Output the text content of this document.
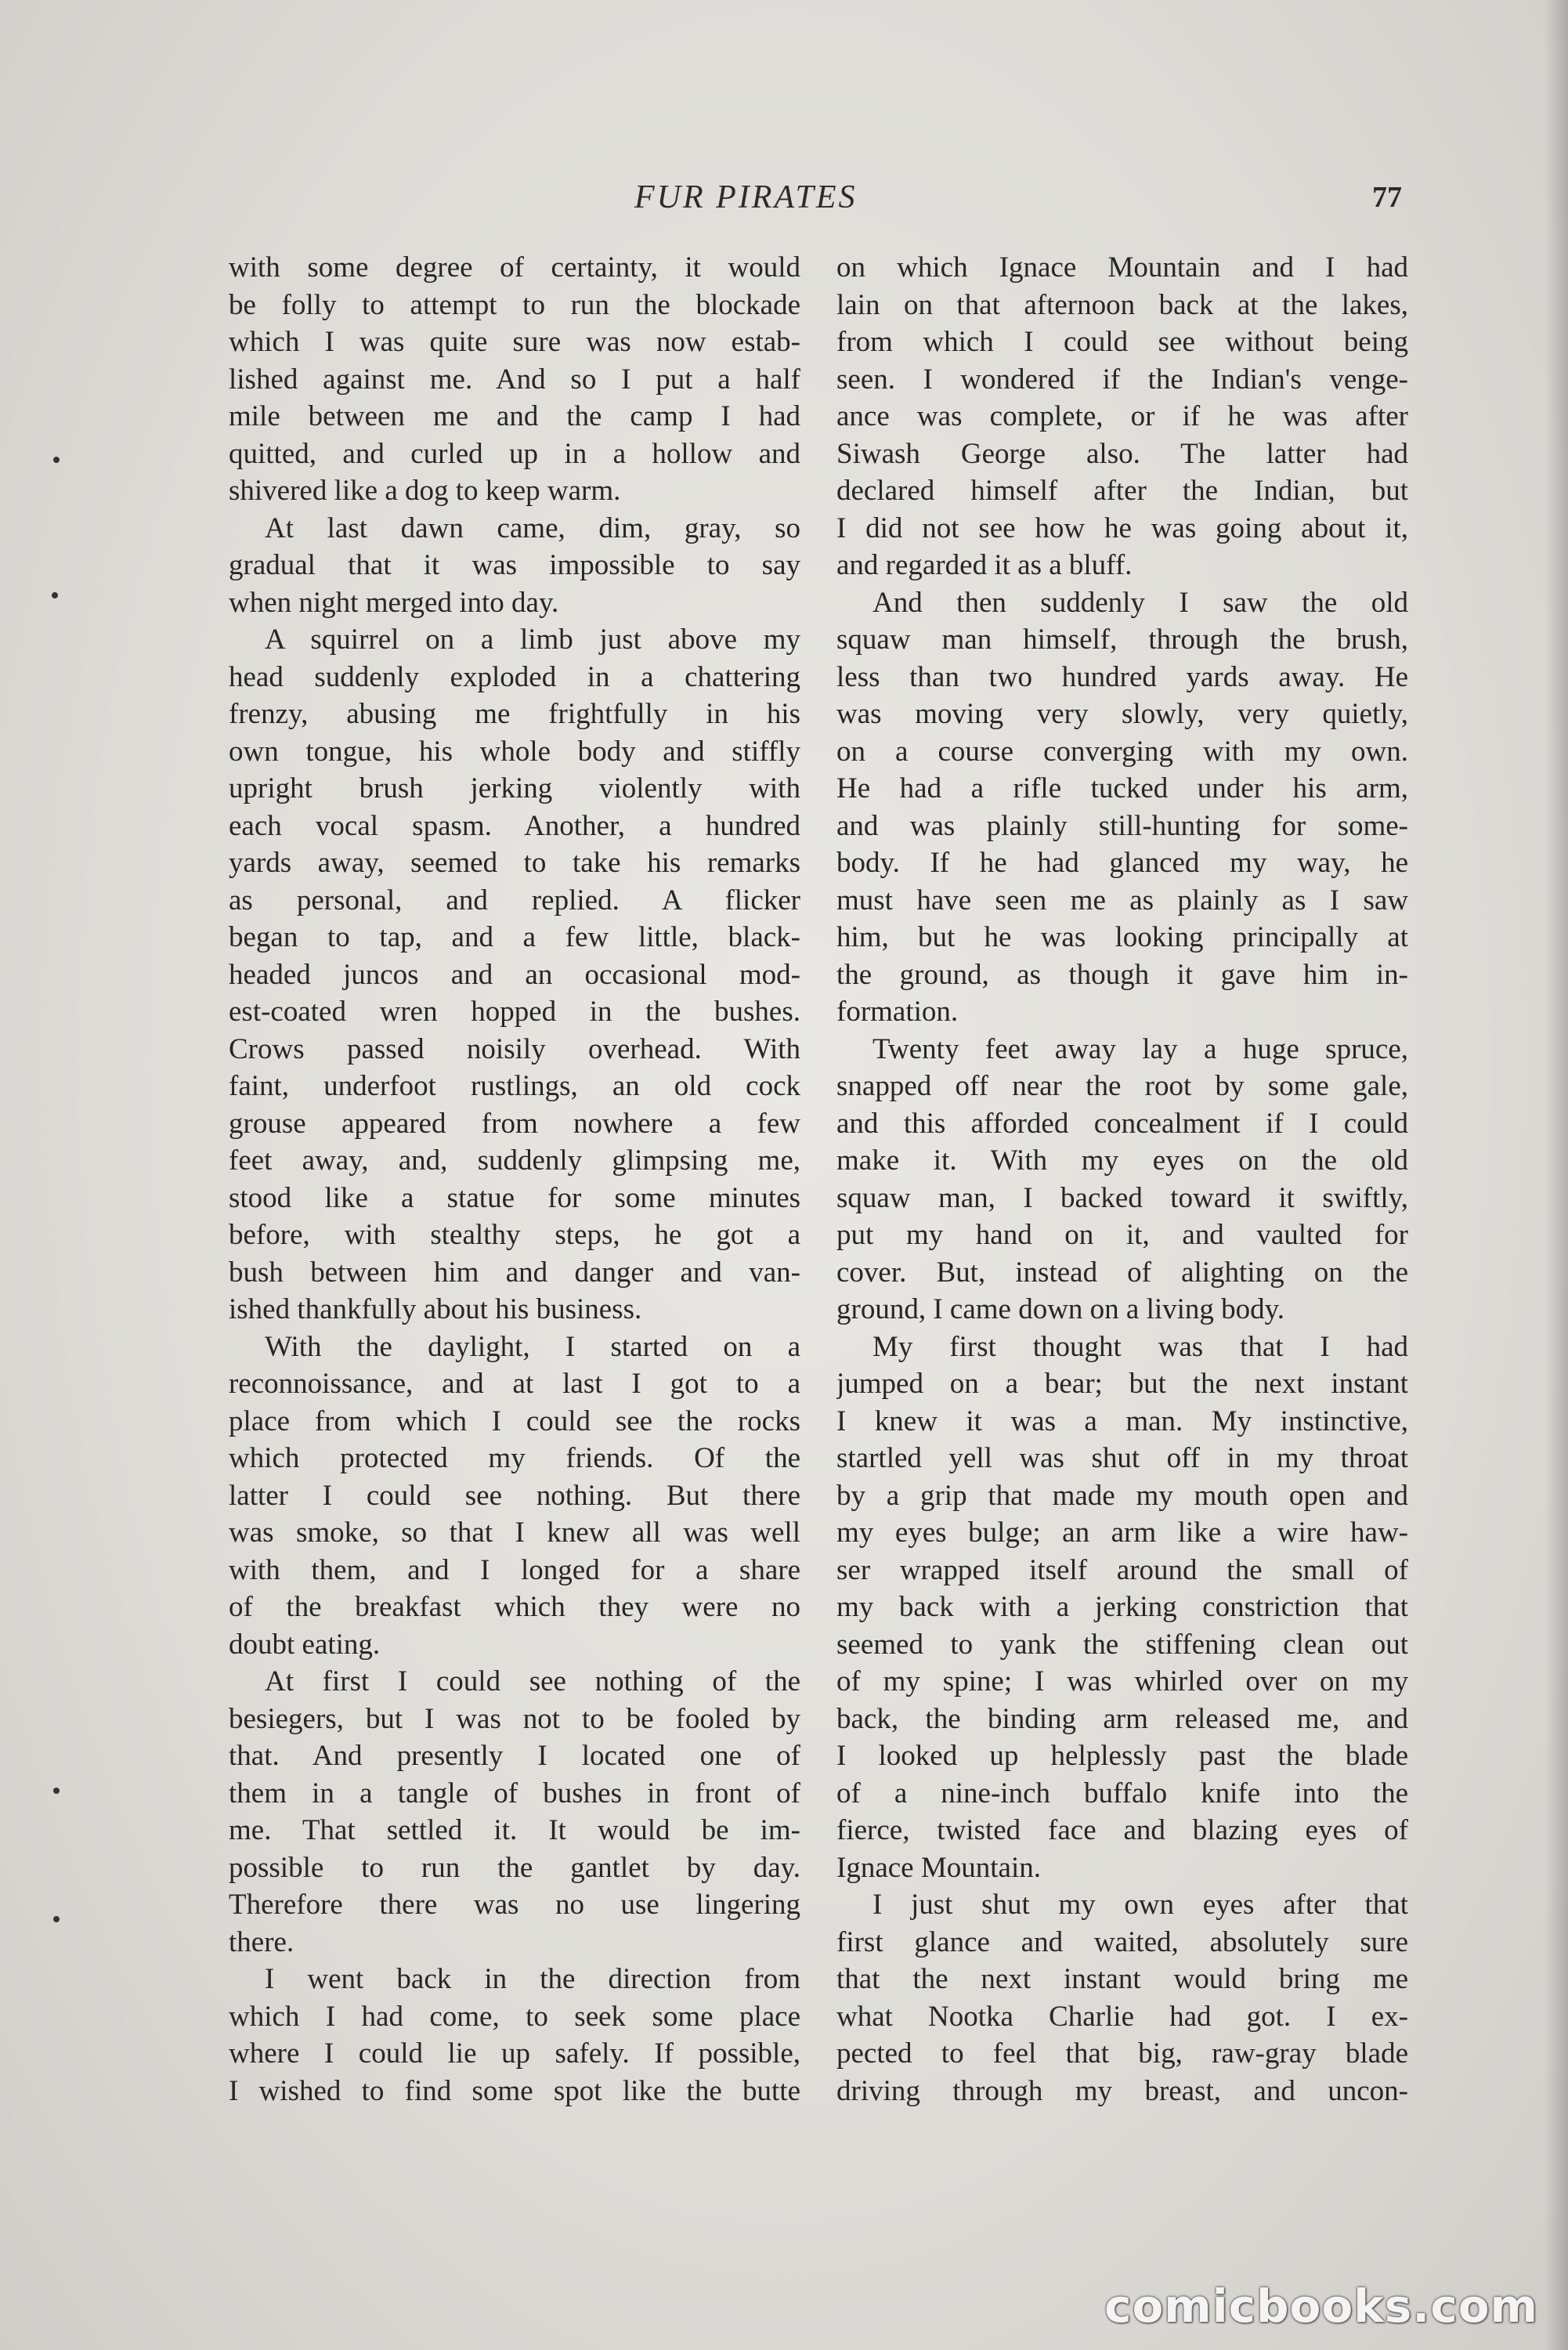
FUR PIRATES	77
with some degree of certainty, it would
be folly to attempt to run the blockade
which I was quite sure was now estab-
lished against me. And so I put a half
mile between me and the camp I had
quitted, and curled up in a hollow and
shivered like a dog to keep warm.
At last dawn came, dim, gray, so
gradual that it was impossible to say
when night merged into day.
A squirrel on a limb just above my
head suddenly exploded in a chattering
frenzy, abusing me frightfully in his
own tongue, his whole body and stiffly
upright brush jerking violently with
each vocal spasm. Another, a hundred
yards away, seemed to take his remarks
as personal, and replied. A flicker
began to tap, and a few little, black-
headed juncos and an occasional mod-
est-coated wren hopped in the bushes.
Crows passed noisily overhead. With
faint, underfoot rustlings, an old cock
grouse appeared from nowhere a few
feet away, and, suddenly glimpsing me,
stood like a statue for some minutes
before, with stealthy steps, he got a
bush between him and danger and van-
ished thankfully about his business.
With the daylight, I started on a
reconnoissance, and at last I got to a
place from which I could see the rocks
which protected my friends. Of the
latter I could see nothing. But there
was smoke, so that I knew all was well
with them, and I longed for a share
of the breakfast which they were no
doubt eating.
At first I could see nothing of the
besiegers, but I was not to be fooled by
that. And presently I located one of
them in a tangle of bushes in front of
me. That settled it. It would be im-
possible to run the gantlet by day.
Therefore there was no use lingering
there.
I went back in the direction from
which I had come, to seek some place
where I could lie up safely. If possible,
I wished to find some spot like the butte
on which Ignace Mountain and I had
lain on that afternoon back at the lakes,
from which I could see without being
seen. I wondered if the Indian's venge-
ance was complete, or if he was after
Siwash George also. The latter had
declared himself after the Indian, but
I did not see how he was going about it,
and regarded it as a bluff.
And then suddenly I saw the old
squaw man himself, through the brush,
less than two hundred yards away. He
was moving very slowly, very quietly,
on a course converging with my own.
He had a rifle tucked under his arm,
and was plainly still-hunting for some-
body. If he had glanced my way, he
must have seen me as plainly as I saw
him, but he was looking principally at
the ground, as though it gave him in-
formation.
Twenty feet away lay a huge spruce,
snapped off near the root by some gale,
and this afforded concealment if I could
make it. With my eyes on the old
squaw man, I backed toward it swiftly,
put my hand on it, and vaulted for
cover. But, instead of alighting on the
ground, I came down on a living body.
My first thought was that I had
jumped on a bear; but the next instant
I knew it was a man. My instinctive,
startled yell was shut off in my throat
by a grip that made my mouth open and
my eyes bulge; an arm like a wire haw-
ser wrapped itself around the small of
my back with a jerking constriction that
seemed to yank the stiffening clean out
of my spine; I was whirled over on my
back, the binding arm released me, and
I looked up helplessly past the blade
of a nine-inch buffalo knife into the
fierce, twisted face and blazing eyes of
Ignace Mountain.
I just shut my own eyes after that
first glance and waited, absolutely sure
that the next instant would bring me
what Nootka Charlie had got. I ex-
pected to feel that big, raw-gray blade
driving through my breast, and uncon-
comicbooks.com
